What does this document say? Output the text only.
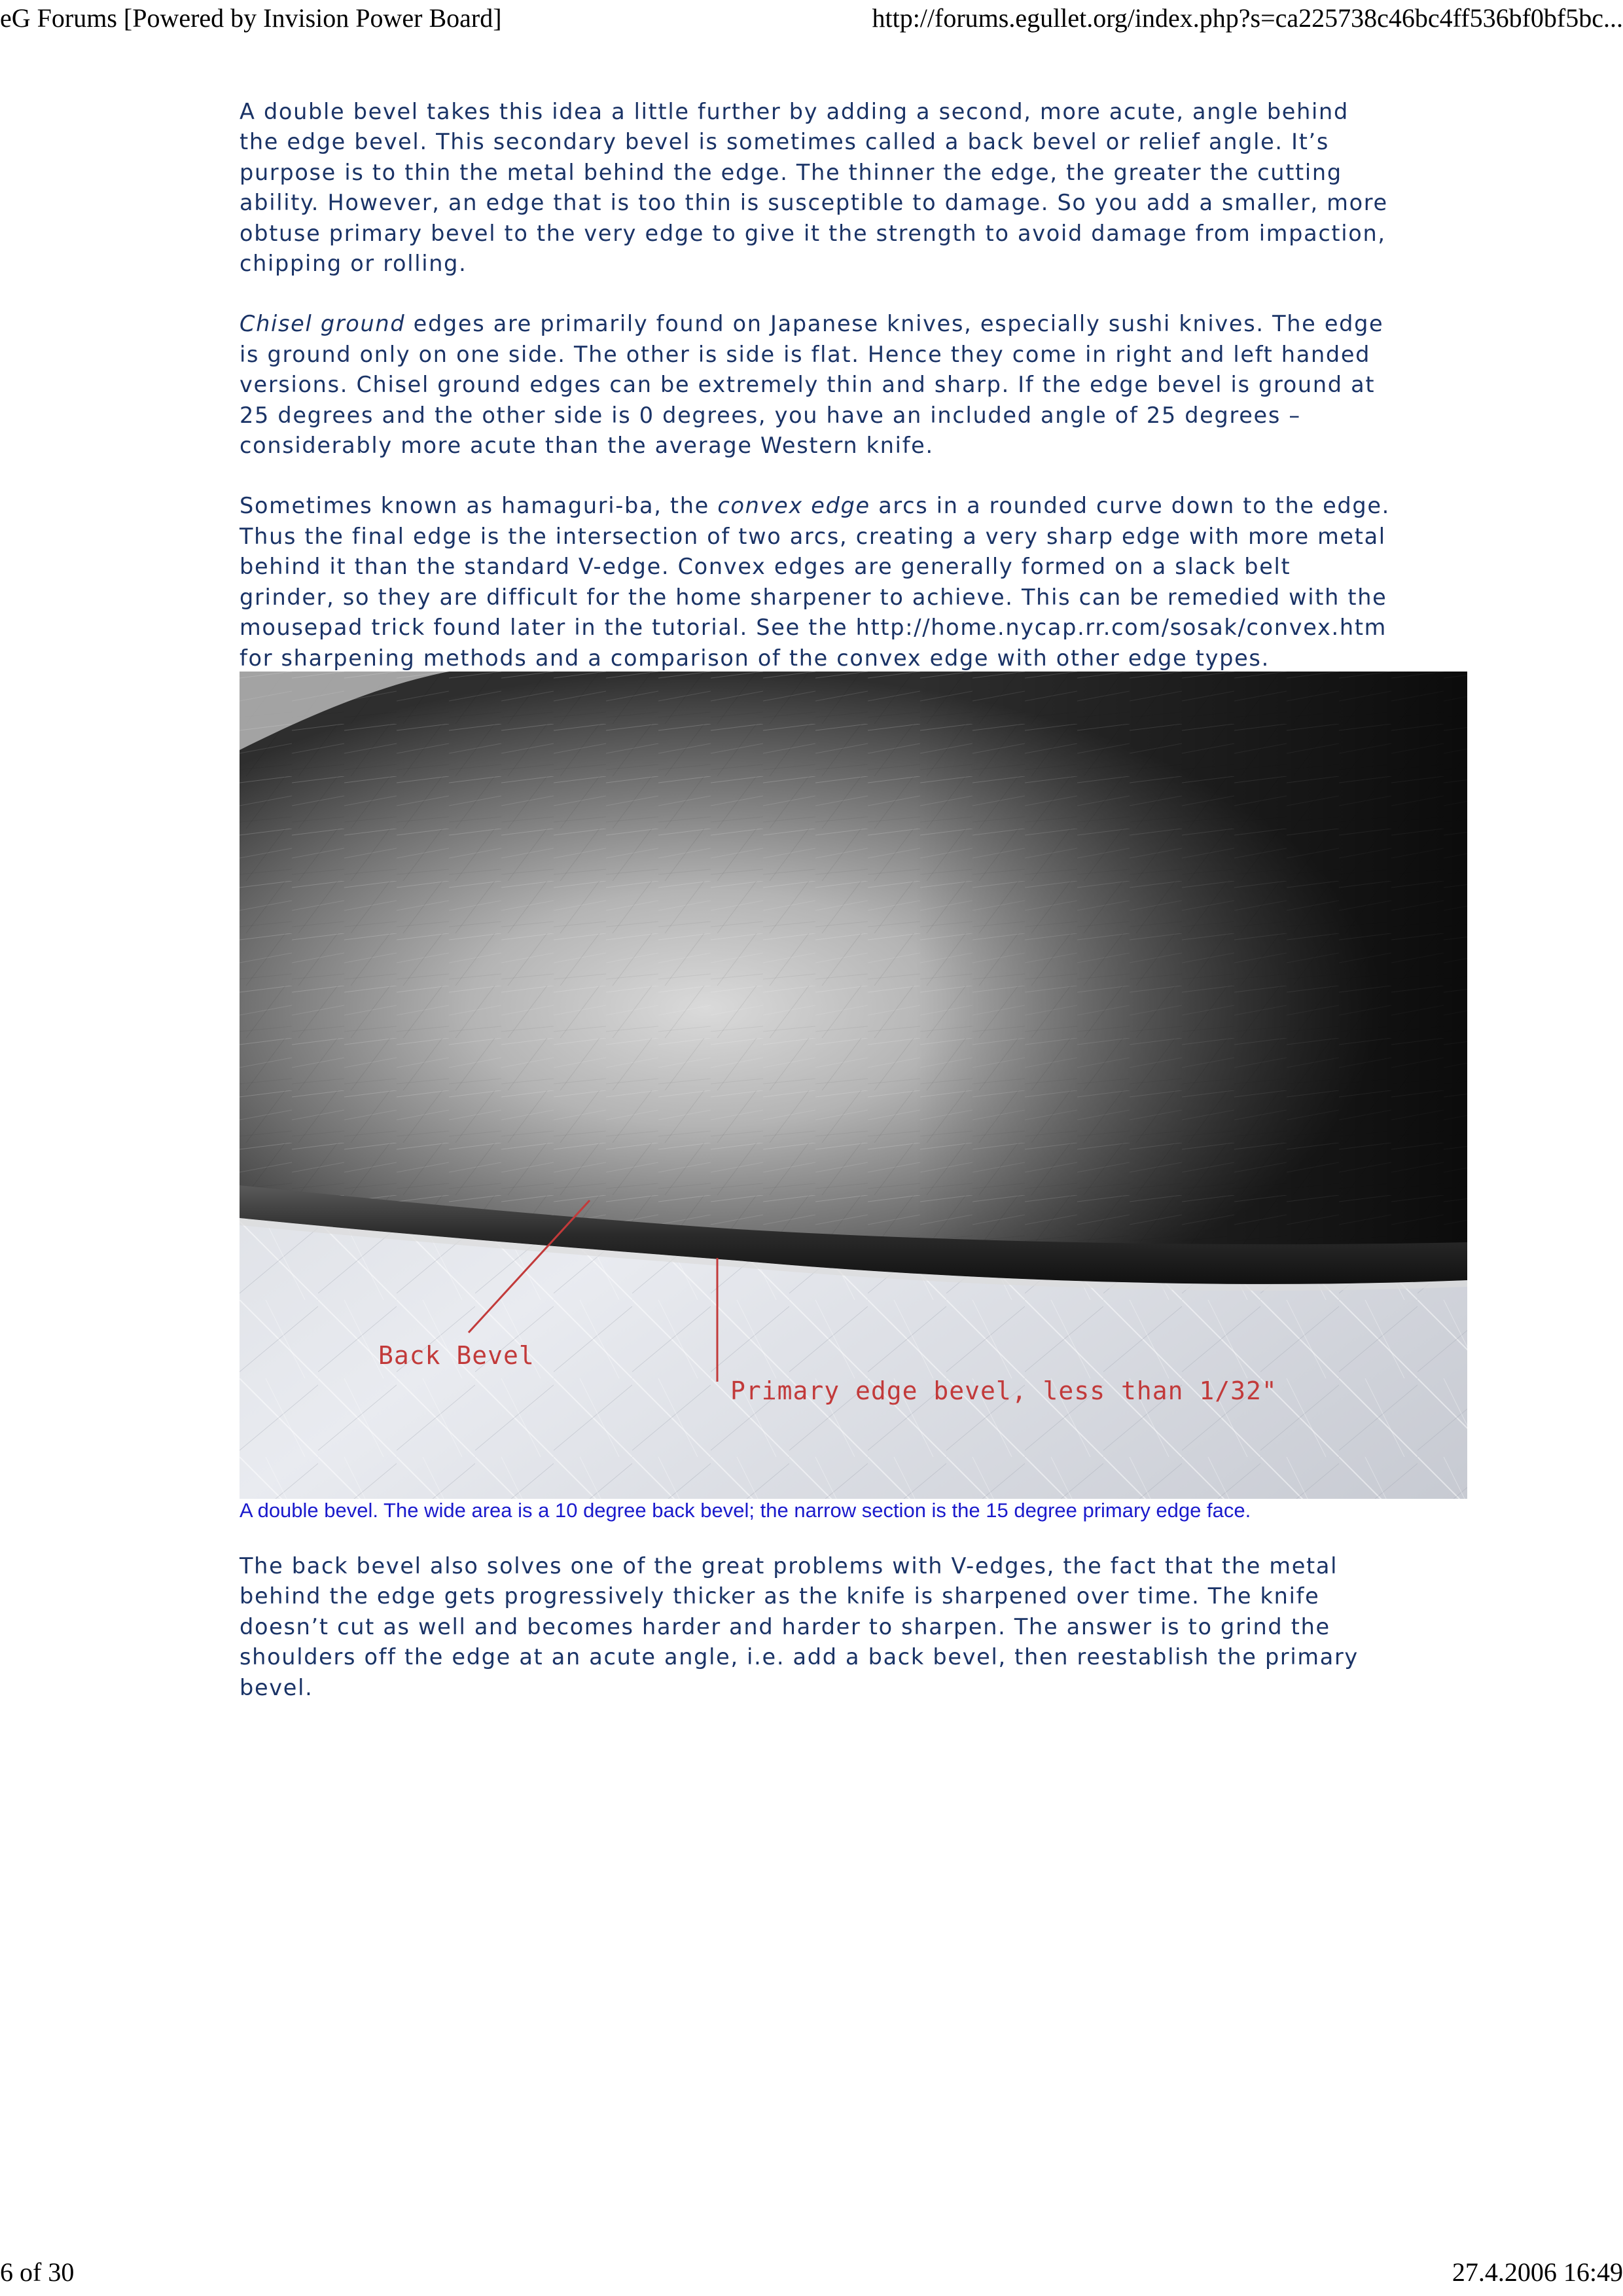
eG Forums [Powered by Invision Power Board]	http://forums.egullet.org/index.php?s=ca225738c46bc4ff536bf0bf5bc...

A double bevel takes this idea a little further by adding a second, more acute, angle behind the edge bevel. This secondary bevel is sometimes called a back bevel or relief angle. It’s purpose is to thin the metal behind the edge. The thinner the edge, the greater the cutting ability. However, an edge that is too thin is susceptible to damage. So you add a smaller, more obtuse primary bevel to the very edge to give it the strength to avoid damage from impaction, chipping or rolling.

Chisel ground edges are primarily found on Japanese knives, especially sushi knives. The edge is ground only on one side. The other is side is flat. Hence they come in right and left handed versions. Chisel ground edges can be extremely thin and sharp. If the edge bevel is ground at 25 degrees and the other side is 0 degrees, you have an included angle of 25 degrees – considerably more acute than the average Western knife.

Sometimes known as hamaguri-ba, the convex edge arcs in a rounded curve down to the edge. Thus the final edge is the intersection of two arcs, creating a very sharp edge with more metal behind it than the standard V-edge. Convex edges are generally formed on a slack belt grinder, so they are difficult for the home sharpener to achieve. This can be remedied with the mousepad trick found later in the tutorial. See the http://home.nycap.rr.com/sosak/convex.htm for sharpening methods and a comparison of the convex edge with other edge types.

Back Bevel
Primary edge bevel, less than 1/32"
A double bevel. The wide area is a 10 degree back bevel; the narrow section is the 15 degree primary edge face.

The back bevel also solves one of the great problems with V-edges, the fact that the metal behind the edge gets progressively thicker as the knife is sharpened over time. The knife doesn’t cut as well and becomes harder and harder to sharpen. The answer is to grind the shoulders off the edge at an acute angle, i.e. add a back bevel, then reestablish the primary bevel.

6 of 30	27.4.2006 16:49
